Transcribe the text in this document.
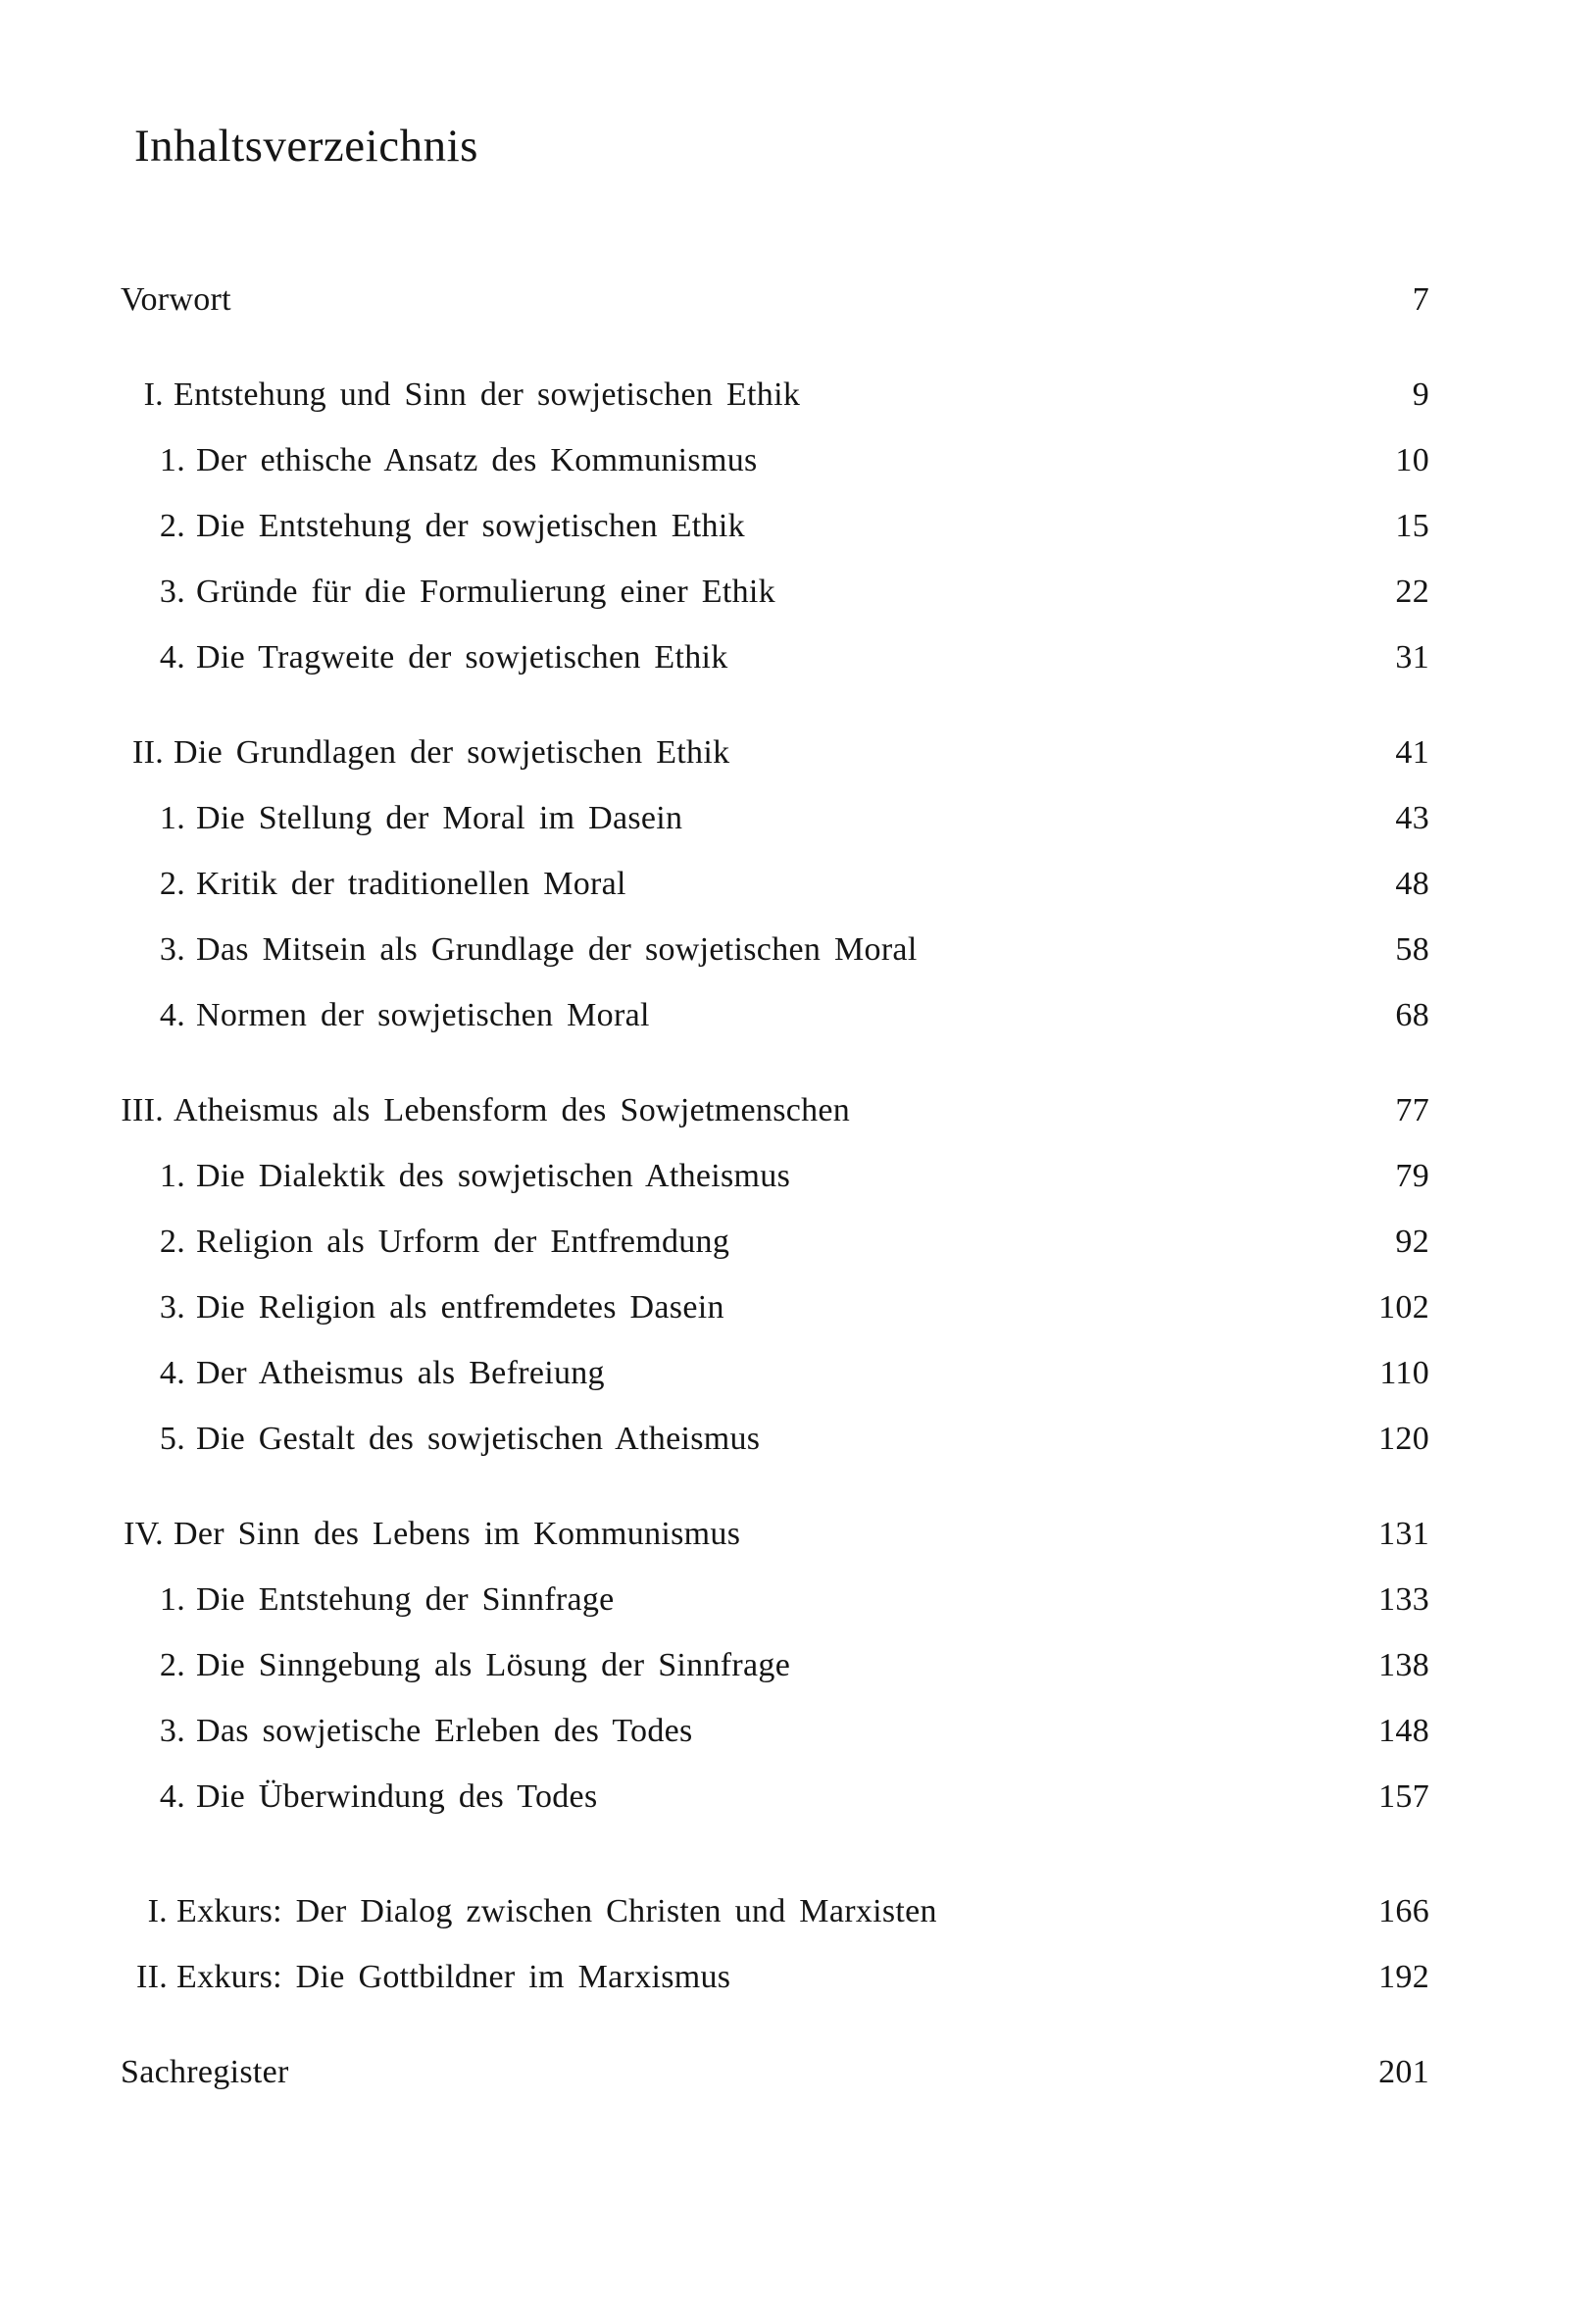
Inhaltsverzeichnis
Vorwort	7
I. Entstehung und Sinn der sowjetischen Ethik	9
1. Der ethische Ansatz des Kommunismus	10
2. Die Entstehung der sowjetischen Ethik	15
3. Gründe für die Formulierung einer Ethik	22
4. Die Tragweite der sowjetischen Ethik	31
II. Die Grundlagen der sowjetischen Ethik	41
1. Die Stellung der Moral im Dasein	43
2. Kritik der traditionellen Moral	48
3. Das Mitsein als Grundlage der sowjetischen Moral	58
4. Normen der sowjetischen Moral	68
III. Atheismus als Lebensform des Sowjetmenschen	77
1. Die Dialektik des sowjetischen Atheismus	79
2. Religion als Urform der Entfremdung	92
3. Die Religion als entfremdetes Dasein	102
4. Der Atheismus als Befreiung	110
5. Die Gestalt des sowjetischen Atheismus	120
IV. Der Sinn des Lebens im Kommunismus	131
1. Die Entstehung der Sinnfrage	133
2. Die Sinngebung als Lösung der Sinnfrage	138
3. Das sowjetische Erleben des Todes	148
4. Die Überwindung des Todes	157
I. Exkurs: Der Dialog zwischen Christen und Marxisten	166
II. Exkurs: Die Gottbildner im Marxismus	192
Sachregister	201
